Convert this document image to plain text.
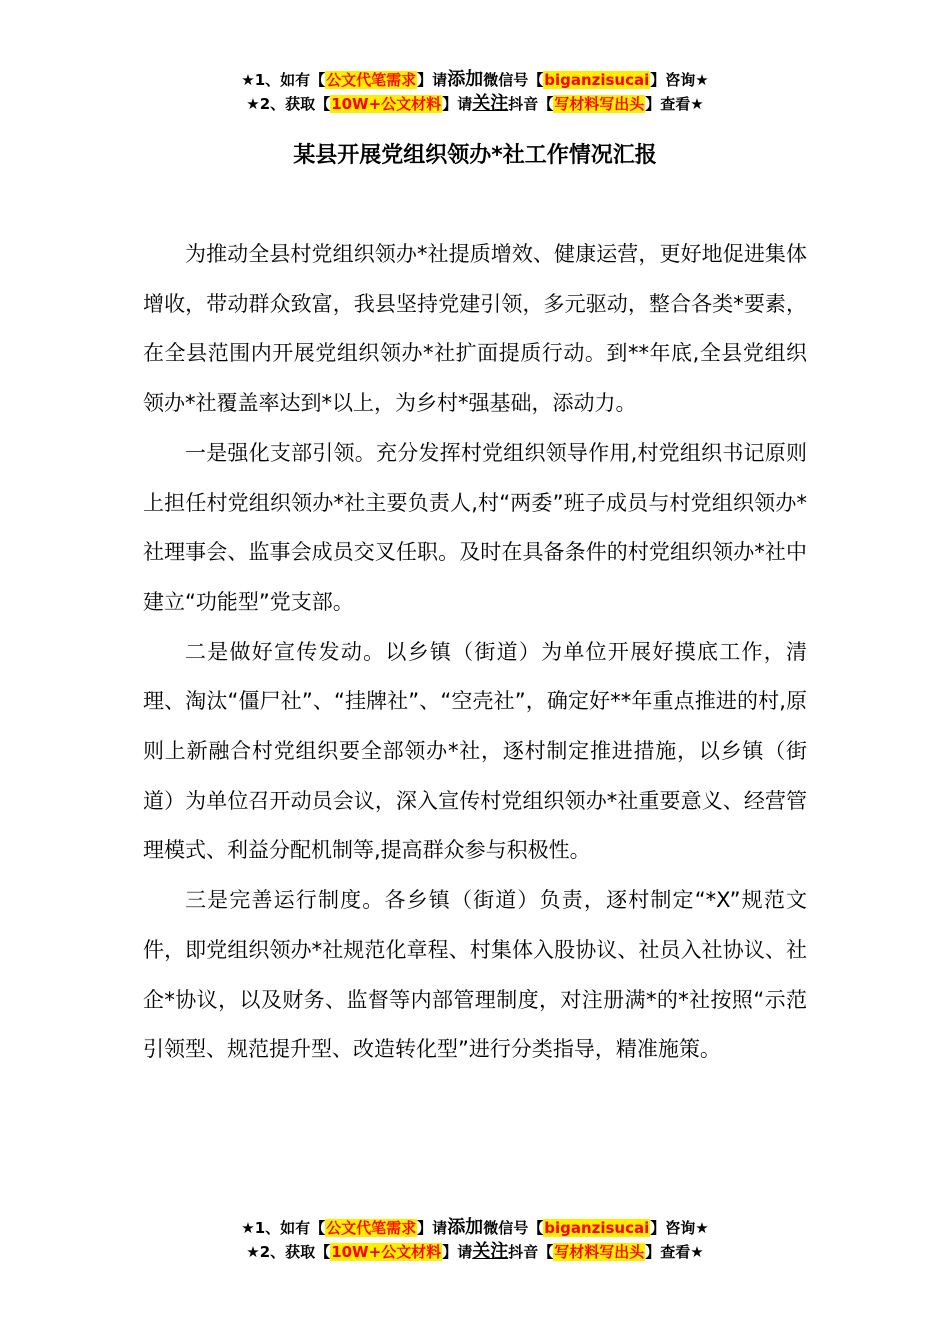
★1、如有【公文代笔需求】请添加微信号【biganzisucai】咨询★
★2、获取【10W+公文材料】请关注抖音【写材料写出头】查看★
某县开展党组织领办*社工作情况汇报

为推动全县村党组织领办*社提质增效、健康运营，更好地促进集体增收，带动群众致富，我县坚持党建引领，多元驱动，整合各类*要素，在全县范围内开展党组织领办*社扩面提质行动。到**年底,全县党组织领办*社覆盖率达到*以上，为乡村*强基础，添动力。

一是强化支部引领。充分发挥村党组织领导作用,村党组织书记原则上担任村党组织领办*社主要负责人,村“两委”班子成员与村党组织领办*社理事会、监事会成员交叉任职。及时在具备条件的村党组织领办*社中建立“功能型”党支部。

二是做好宣传发动。以乡镇（街道）为单位开展好摸底工作，清理、淘汰“僵尸社”、“挂牌社”、“空壳社”，确定好**年重点推进的村,原则上新融合村党组织要全部领办*社，逐村制定推进措施，以乡镇（街道）为单位召开动员会议，深入宣传村党组织领办*社重要意义、经营管理模式、利益分配机制等,提高群众参与积极性。

三是完善运行制度。各乡镇（街道）负责，逐村制定“*X”规范文件，即党组织领办*社规范化章程、村集体入股协议、社员入社协议、社企*协议，以及财务、监督等内部管理制度，对注册满*的*社按照“示范引领型、规范提升型、改造转化型”进行分类指导，精准施策。

★1、如有【公文代笔需求】请添加微信号【biganzisucai】咨询★
★2、获取【10W+公文材料】请关注抖音【写材料写出头】查看★
